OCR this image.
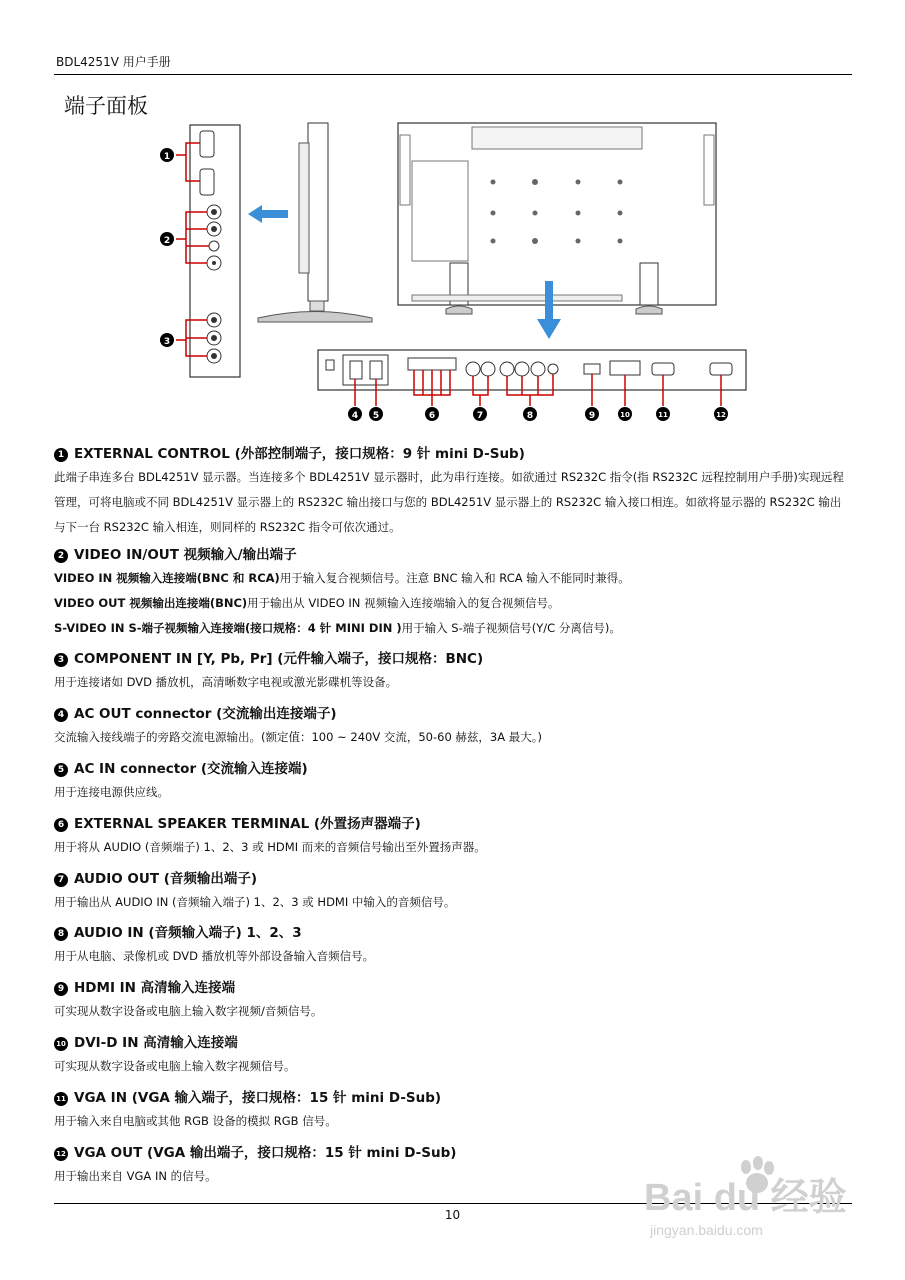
BDL4251V 用户手册
端子面板
1
2
3
4 5	6	7	8	9	10	11	12
1 EXTERNAL CONTROL (外部控制端子，接口规格：9 针 mini D-Sub)
此端子串连多台 BDL4251V 显示器。当连接多个 BDL4251V 显示器时，此为串行连接。如欲通过 RS232C 指令(指 RS232C 远程控制用户手册)实现远程管理，可将电脑或不同 BDL4251V 显示器上的 RS232C 输出接口与您的 BDL4251V 显示器上的 RS232C 输入接口相连。如欲将显示器的 RS232C 输出与下一台 RS232C 输入相连，则同样的 RS232C 指令可依次通过。
2 VIDEO IN/OUT 视频输入/输出端子
VIDEO IN 视频输入连接端(BNC 和 RCA)用于输入复合视频信号。注意 BNC 输入和 RCA 输入不能同时兼得。
VIDEO OUT 视频输出连接端(BNC)用于输出从 VIDEO IN 视频输入连接端输入的复合视频信号。
S-VIDEO IN S-端子视频输入连接端(接口规格：4 针 MINI DIN )用于输入 S-端子视频信号(Y/C 分离信号)。
3 COMPONENT IN [Y, Pb, Pr] (元件输入端子，接口规格：BNC)
用于连接诸如 DVD 播放机，高清晰数字电视或激光影碟机等设备。
4 AC OUT connector (交流输出连接端子)
交流输入接线端子的旁路交流电源输出。(额定值：100 ~ 240V 交流，50-60 赫兹，3A 最大。)
5 AC IN connector (交流输入连接端)
用于连接电源供应线。
6 EXTERNAL SPEAKER TERMINAL (外置扬声器端子)
用于将从 AUDIO (音频端子) 1、2、3 或 HDMI 而来的音频信号输出至外置扬声器。
7 AUDIO OUT (音频输出端子)
用于输出从 AUDIO IN (音频输入端子) 1、2、3 或 HDMI 中输入的音频信号。
8 AUDIO IN (音频输入端子) 1、2、3
用于从电脑、录像机或 DVD 播放机等外部设备输入音频信号。
9 HDMI IN 高清输入连接端
可实现从数字设备或电脑上输入数字视频/音频信号。
10 DVI-D IN 高清输入连接端
可实现从数字设备或电脑上输入数字视频信号。
11 VGA IN (VGA 输入端子，接口规格：15 针 mini D-Sub)
用于输入来自电脑或其他 RGB 设备的模拟 RGB 信号。
12 VGA OUT (VGA 输出端子，接口规格：15 针 mini D-Sub)
用于输出来自 VGA IN 的信号。
10	Bai du 经验
jingyan.baidu.com
